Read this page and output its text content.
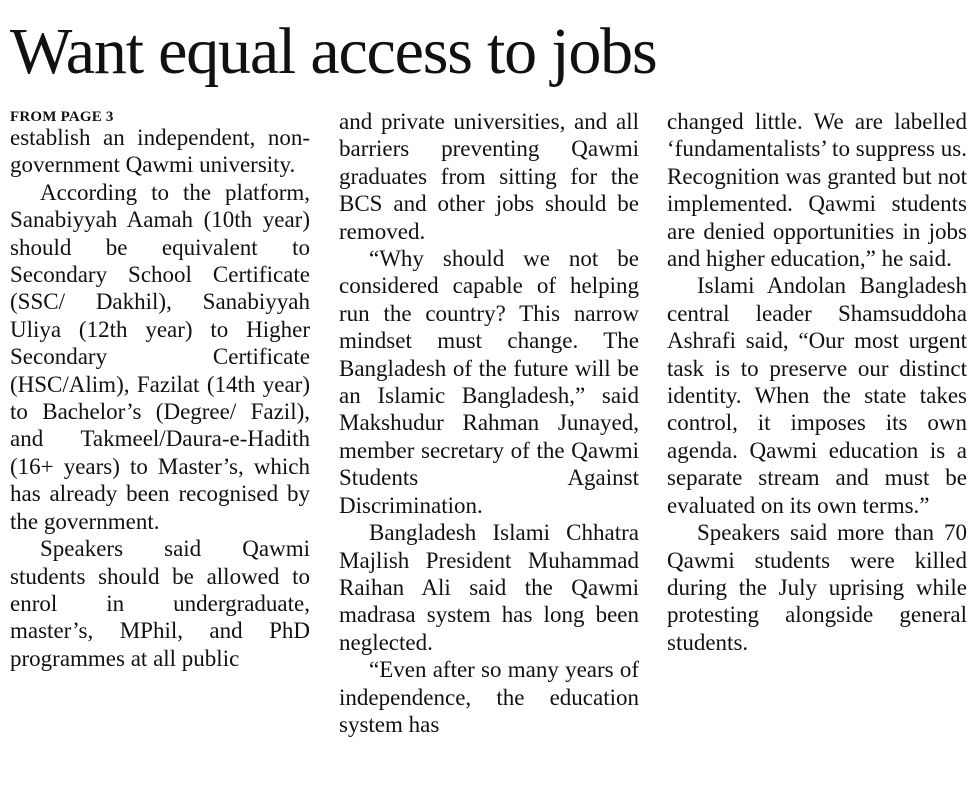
Want equal access to jobs
FROM PAGE 3

establish an independent, non-government Qawmi university.

According to the platform, Sanabiyyah Aamah (10th year) should be equivalent to Secondary School Certificate (SSC/ Dakhil), Sanabiyyah Uliya (12th year) to Higher Secondary Certificate (HSC/Alim), Fazilat (14th year) to Bachelor’s (Degree/ Fazil), and Takmeel/Daura-e-Hadith (16+ years) to Master’s, which has already been recognised by the government.

Speakers said Qawmi students should be allowed to enrol in undergraduate, master’s, MPhil, and PhD programmes at all public

and private universities, and all barriers preventing Qawmi graduates from sitting for the BCS and other jobs should be removed.

“Why should we not be considered capable of helping run the country? This narrow mindset must change. The Bangladesh of the future will be an Islamic Bangladesh,” said Makshudur Rahman Junayed, member secretary of the Qawmi Students Against Discrimination.

Bangladesh Islami Chhatra Majlish President Muhammad Raihan Ali said the Qawmi madrasa system has long been neglected.

“Even after so many years of independence, the education system has

changed little. We are labelled ‘fundamentalists’ to suppress us. Recognition was granted but not implemented. Qawmi students are denied opportunities in jobs and higher education,” he said.

Islami Andolan Bangladesh central leader Shamsuddoha Ashrafi said, “Our most urgent task is to preserve our distinct identity. When the state takes control, it imposes its own agenda. Qawmi education is a separate stream and must be evaluated on its own terms.”

Speakers said more than 70 Qawmi students were killed during the July uprising while protesting alongside general students.
